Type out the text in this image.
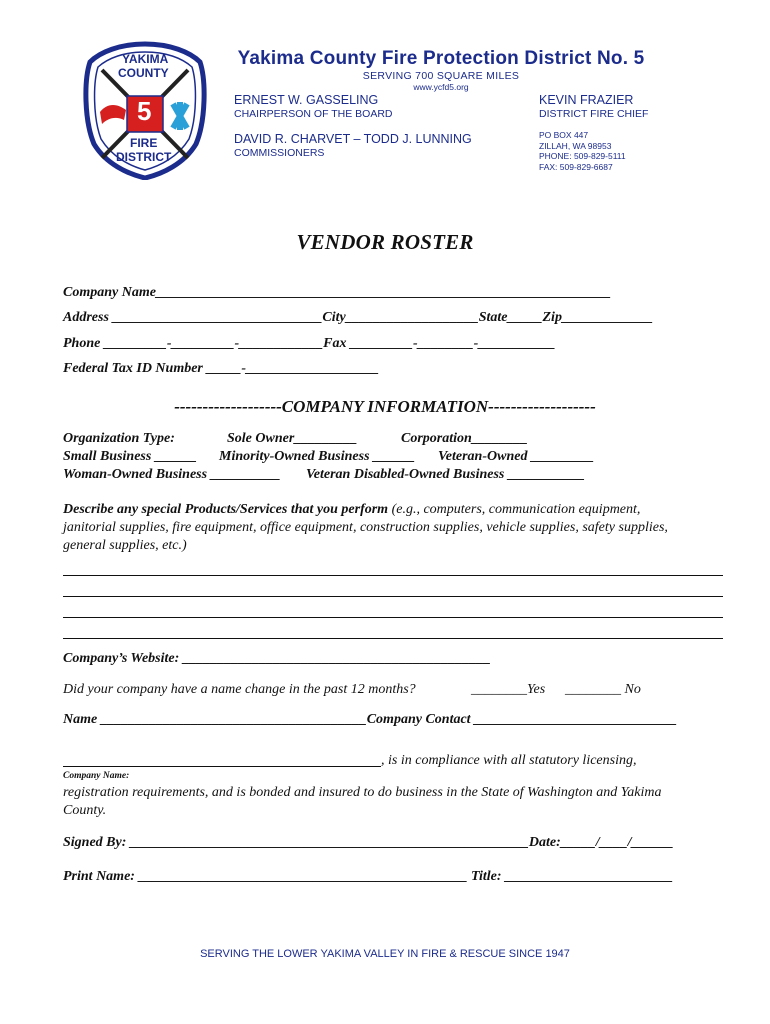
YAKIMA
COUNTY
5
FIRE
DISTRICT
Yakima County Fire Protection District No. 5
SERVING 700 SQUARE MILES
www.ycfd5.org
ERNEST W. GASSELING
CHAIRPERSON OF THE BOARD
DAVID R. CHARVET – TODD J. LUNNING
COMMISSIONERS
KEVIN FRAZIER
DISTRICT FIRE CHIEF
PO BOX 447
ZILLAH, WA 98953
PHONE: 509-829-5111
FAX: 509-829-6687
VENDOR ROSTER
Company Name_________________________________________________________________
Address ______________________________City___________________State_____Zip_____________
Phone _________-_________-____________Fax _________-________-___________
Federal Tax ID Number _____-___________________
-------------------COMPANY INFORMATION-------------------
Organization Type:	Sole Owner_________	Corporation________
Small Business ______ Minority-Owned Business ______ Veteran-Owned _________
Woman-Owned Business __________ Veteran Disabled-Owned Business ___________
Describe any special Products/Services that you perform (e.g., computers, communication equipment,
janitorial supplies, fire equipment, office equipment, construction supplies, vehicle supplies, safety supplies,
general supplies, etc.)
Company’s Website: ____________________________________________
Did your company have a name change in the past 12 months?	________Yes ________ No
Name ______________________________________Company Contact _____________________________
, is in compliance with all statutory licensing,
Company Name:
registration requirements, and is bonded and insured to do business in the State of Washington and Yakima
County.
Signed By: _________________________________________________________Date:_____/____/______
Print Name: _______________________________________________ Title: ________________________
SERVING THE LOWER YAKIMA VALLEY IN FIRE & RESCUE SINCE 1947
